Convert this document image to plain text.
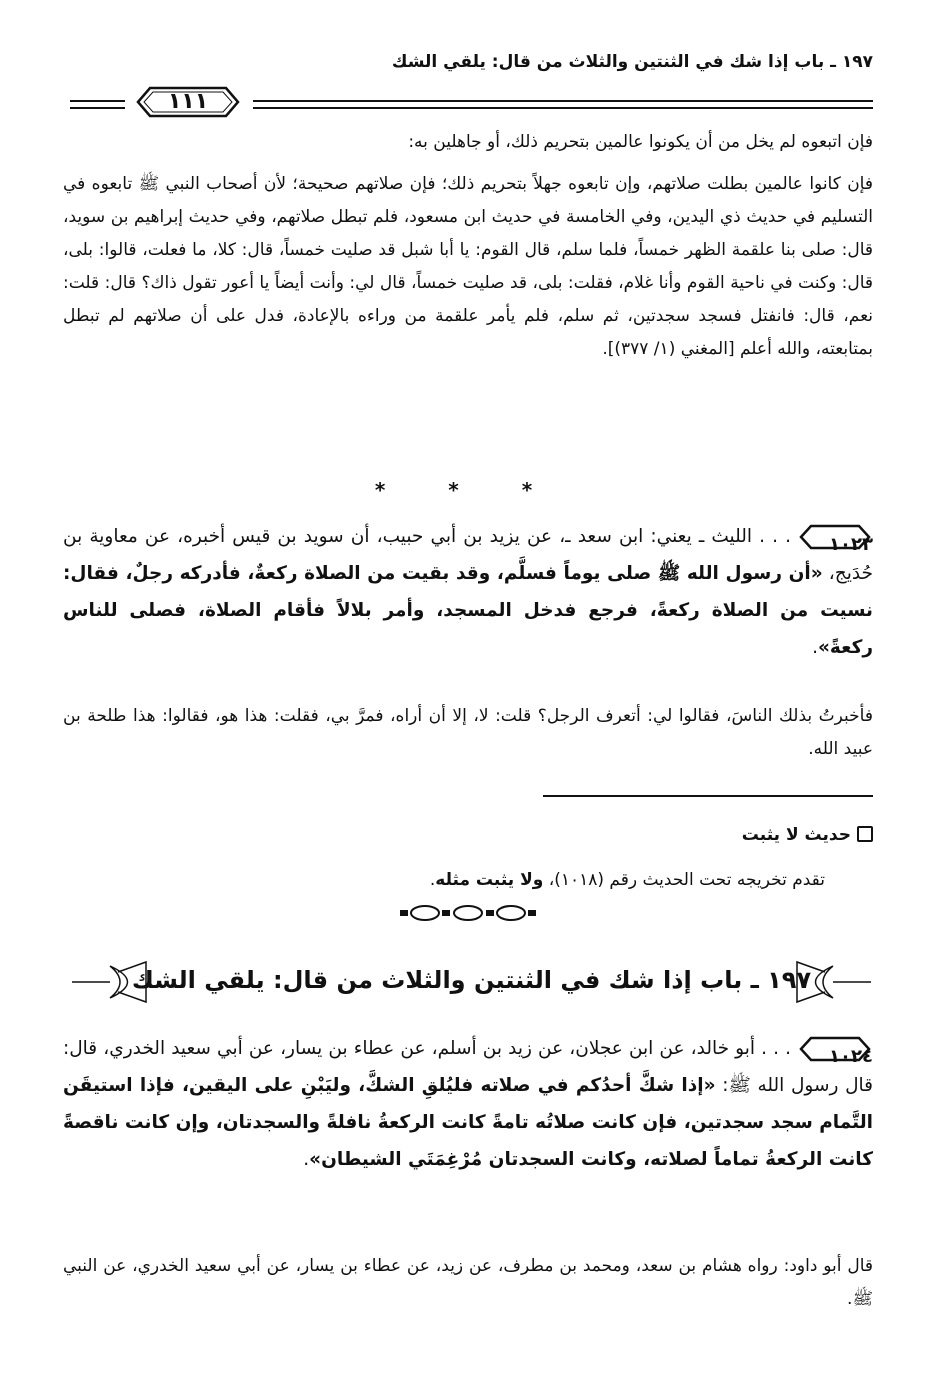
١٩٧ ـ باب إذا شك في الثنتين والثلاث من قال: يلقي الشك
١١١
فإن اتبعوه لم يخل من أن يكونوا عالمين بتحريم ذلك، أو جاهلين به:
فإن كانوا عالمين بطلت صلاتهم، وإن تابعوه جهلاً بتحريم ذلك؛ فإن صلاتهم صحيحة؛ لأن أصحاب النبي ﷺ تابعوه في التسليم في حديث ذي اليدين، وفي الخامسة في حديث ابن مسعود، فلم تبطل صلاتهم، وفي حديث إبراهيم بن سويد، قال: صلى بنا علقمة الظهر خمساً، فلما سلم، قال القوم: يا أبا شبل قد صليت خمساً، قال: كلا، ما فعلت، قالوا: بلى، قال: وكنت في ناحية القوم وأنا غلام، فقلت: بلى، قد صليت خمساً، قال لي: وأنت أيضاً يا أعور تقول ذاك؟ قال: قلت: نعم، قال: فانفتل فسجد سجدتين، ثم سلم، فلم يأمر علقمة من وراءه بالإعادة، فدل على أن صلاتهم لم تبطل بمتابعته، والله أعلم [المغني (١/ ٣٧٧)].
* * *
١٠٢٣
. . . الليث ـ يعني: ابن سعد ـ، عن يزيد بن أبي حبيب، أن سويد بن قيس أخبره، عن معاوية بن حُدَيج، «أن رسول الله ﷺ صلى يوماً فسلَّم، وقد بقيت من الصلاة ركعةٌ، فأدركه رجلٌ، فقال: نسيت من الصلاة ركعةً، فرجع فدخل المسجد، وأمر بلالاً فأقام الصلاة، فصلى للناس ركعةً».
فأخبرتُ بذلك الناسَ، فقالوا لي: أتعرف الرجل؟ قلت: لا، إلا أن أراه، فمرَّ بي، فقلت: هذا هو، فقالوا: هذا طلحة بن عبيد الله.
حديث لا يثبت
تقدم تخريجه تحت الحديث رقم (١٠١٨)، ولا يثبت مثله.
١٩٧ ـ باب إذا شك في الثنتين والثلاث من قال: يلقي الشك
١٠٢٤
. . . أبو خالد، عن ابن عجلان، عن زيد بن أسلم، عن عطاء بن يسار، عن أبي سعيد الخدري، قال: قال رسول الله ﷺ: «إذا شكَّ أحدُكم في صلاته فليُلقِ الشكَّ، وليَبْنِ على اليقين، فإذا استيقَن التَّمام سجد سجدتين، فإن كانت صلاتُه تامةً كانت الركعةُ نافلةً والسجدتان، وإن كانت ناقصةً كانت الركعةُ تماماً لصلاته، وكانت السجدتان مُرْغِمَتَي الشيطان».
قال أبو داود: رواه هشام بن سعد، ومحمد بن مطرف، عن زيد، عن عطاء بن يسار، عن أبي سعيد الخدري، عن النبي ﷺ.
